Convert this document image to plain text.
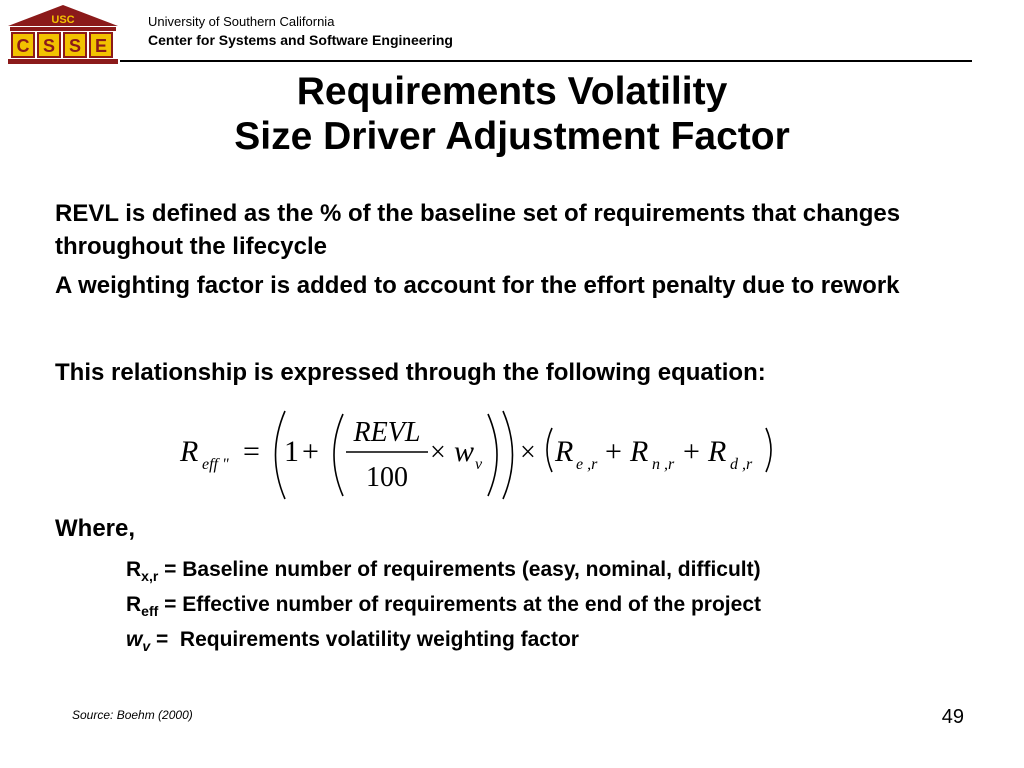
USC
C S S E
University of Southern California
Center for Systems and Software Engineering
Requirements Volatility
Size Driver Adjustment Factor
REVL is defined as the % of the baseline set of requirements that changes throughout the lifecycle
A weighting factor is added to account for the effort penalty due to rework
This relationship is expressed through the following equation:
R eff " = 1 +
REVL
100
× w v × R e ,r + R n ,r + R d ,r
Where,
$R_{x,r}$ = Baseline number of requirements (easy, nominal, difficult)
$R_{eff}$ = Effective number of requirements at the end of the project
$w_v$ =  Requirements volatility weighting factor
Source: Boehm (2000)	49
